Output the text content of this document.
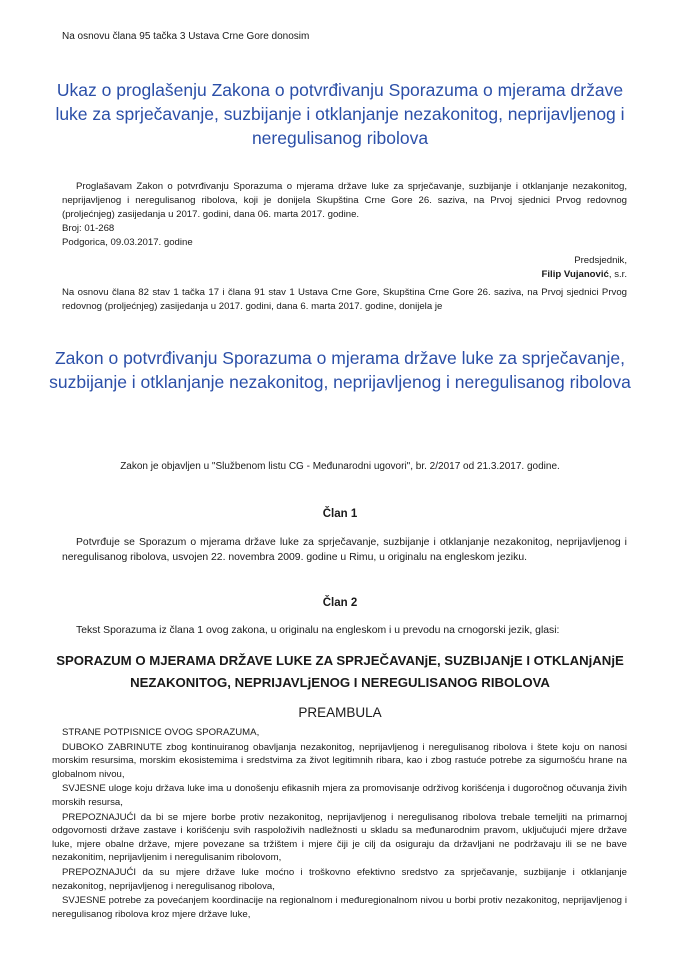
Na osnovu člana 95 tačka 3 Ustava Crne Gore donosim
Ukaz o proglašenju Zakona o potvrđivanju Sporazuma o mjerama države luke za sprječavanje, suzbijanje i otklanjanje nezakonitog, neprijavljenog i neregulisanog ribolova
Proglašavam Zakon o potvrđivanju Sporazuma o mjerama države luke za sprječavanje, suzbijanje i otklanjanje nezakonitog, neprijavljenog i neregulisanog ribolova, koji je donijela Skupština Crne Gore 26. saziva, na Prvoj sjednici Prvog redovnog (proljećnjeg) zasijedanja u 2017. godini, dana 06. marta 2017. godine.
Broj: 01-268
Podgorica, 09.03.2017. godine
Predsjednik,
Filip Vujanović, s.r.
Na osnovu člana 82 stav 1 tačka 17 i člana 91 stav 1 Ustava Crne Gore, Skupština Crne Gore 26. saziva, na Prvoj sjednici Prvog redovnog (proljećnjeg) zasijedanja u 2017. godini, dana 6. marta 2017. godine, donijela je
Zakon o potvrđivanju Sporazuma o mjerama države luke za sprječavanje, suzbijanje i otklanjanje nezakonitog, neprijavljenog i neregulisanog ribolova
Zakon je objavljen u "Službenom listu CG - Međunarodni ugovori", br. 2/2017 od 21.3.2017. godine.
Član 1
Potvrđuje se Sporazum o mjerama države luke za sprječavanje, suzbijanje i otklanjanje nezakonitog, neprijavljenog i neregulisanog ribolova, usvojen 22. novembra 2009. godine u Rimu, u originalu na engleskom jeziku.
Član 2
Tekst Sporazuma iz člana 1 ovog zakona, u originalu na engleskom i u prevodu na crnogorski jezik, glasi:
SPORAZUM O MJERAMA DRŽAVE LUKE ZA SPRJEČAVANjE, SUZBIJANjE I OTKLANjANjE NEZAKONITOG, NEPRIJAVLjENOG I NEREGULISANOG RIBOLOVA
PREAMBULA

STRANE POTPISNICE OVOG SPORAZUMA,

DUBOKO ZABRINUTE zbog kontinuiranog obavljanja nezakonitog, neprijavljenog i neregulisanog ribolova i štete koju on nanosi morskim resursima, morskim ekosistemima i sredstvima za život legitimnih ribara, kao i zbog rastuće potrebe za sigurnošću hrane na globalnom nivou,

SVJESNE uloge koju država luke ima u donošenju efikasnih mjera za promovisanje održivog korišćenja i dugoročnog očuvanja živih morskih resursa,

PREPOZNAJUĆI da bi se mjere borbe protiv nezakonitog, neprijavljenog i neregulisanog ribolova trebale temeljiti na primarnoj odgovornosti države zastave i korišćenju svih raspoloživih nadležnosti u skladu sa međunarodnim pravom, uključujući mjere države luke, mjere obalne države, mjere povezane sa tržištem i mjere čiji je cilj da osiguraju da državljani ne podržavaju ili se ne bave nezakonitim, neprijavljenim i neregulisanim ribolovom,

PREPOZNAJUĆI da su mjere države luke moćno i troškovno efektivno sredstvo za sprječavanje, suzbijanje i otklanjanje nezakonitog, neprijavljenog i neregulisanog ribolova,

SVJESNE potrebe za povećanjem koordinacije na regionalnom i međuregionalnom nivou u borbi protiv nezakonitog, neprijavljenog i neregulisanog ribolova kroz mjere države luke,
